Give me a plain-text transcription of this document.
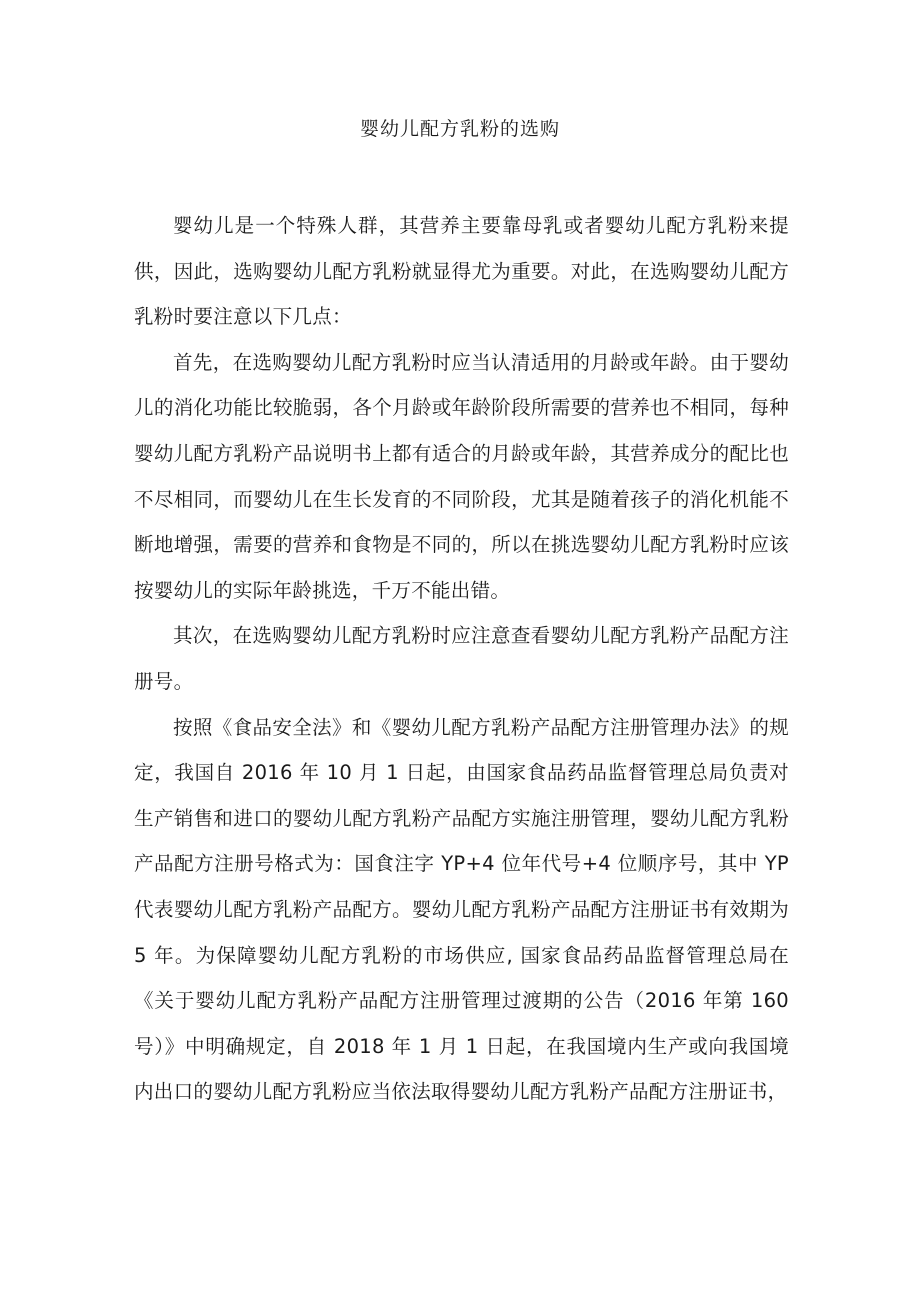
婴幼儿配方乳粉的选购

婴幼儿是一个特殊人群，其营养主要靠母乳或者婴幼儿配方乳粉来提供，因此，选购婴幼儿配方乳粉就显得尤为重要。对此，在选购婴幼儿配方乳粉时要注意以下几点：

首先，在选购婴幼儿配方乳粉时应当认清适用的月龄或年龄。由于婴幼儿的消化功能比较脆弱，各个月龄或年龄阶段所需要的营养也不相同，每种婴幼儿配方乳粉产品说明书上都有适合的月龄或年龄，其营养成分的配比也不尽相同，而婴幼儿在生长发育的不同阶段，尤其是随着孩子的消化机能不断地增强，需要的营养和食物是不同的，所以在挑选婴幼儿配方乳粉时应该按婴幼儿的实际年龄挑选，千万不能出错。

其次，在选购婴幼儿配方乳粉时应注意查看婴幼儿配方乳粉产品配方注册号。

按照《食品安全法》和《婴幼儿配方乳粉产品配方注册管理办法》的规定，我国自 2016 年 10 月 1 日起，由国家食品药品监督管理总局负责对生产销售和进口的婴幼儿配方乳粉产品配方实施注册管理，婴幼儿配方乳粉产品配方注册号格式为：国食注字 YP+4 位年代号+4 位顺序号，其中 YP 代表婴幼儿配方乳粉产品配方。婴幼儿配方乳粉产品配方注册证书有效期为 5 年。为保障婴幼儿配方乳粉的市场供应, 国家食品药品监督管理总局在《关于婴幼儿配方乳粉产品配方注册管理过渡期的公告（2016 年第 160 号）》中明确规定，自 2018 年 1 月 1 日起，在我国境内生产或向我国境内出口的婴幼儿配方乳粉应当依法取得婴幼儿配方乳粉产品配方注册证书，
